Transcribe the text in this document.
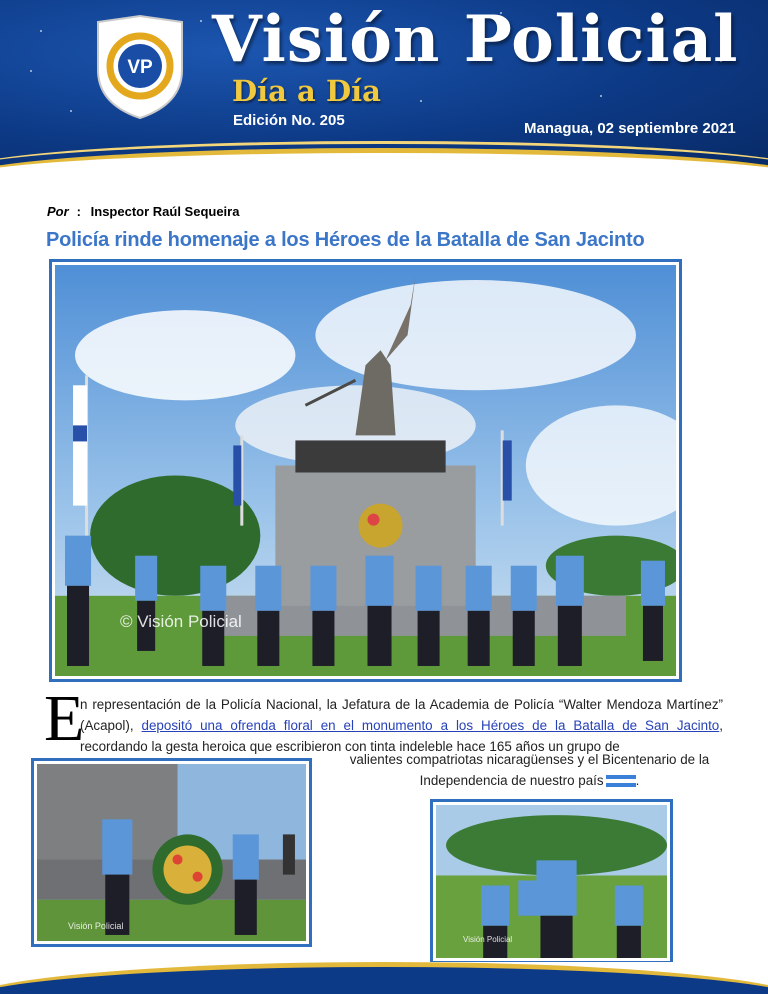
VP Visión Policial
Día a Día
Edición No. 205	Managua, 02 septiembre 2021
Por : Inspector Raúl Sequeira
Policía rinde homenaje a los Héroes de la Batalla de San Jacinto
© Visión Policial
E
n representación de la Policía Nacional, la Jefatura de la Academia de Policía “Walter Mendoza Martínez” (Acapol), depositó una ofrenda floral en el monumento a los Héroes de la Batalla de San Jacinto, recordando la gesta heroica que escribieron con tinta indeleble hace 165 años un grupo de
valientes compatriotas nicaragüenses y el Bicentenario de la Independencia de nuestro país .
Visión Policial
Visión Policial
